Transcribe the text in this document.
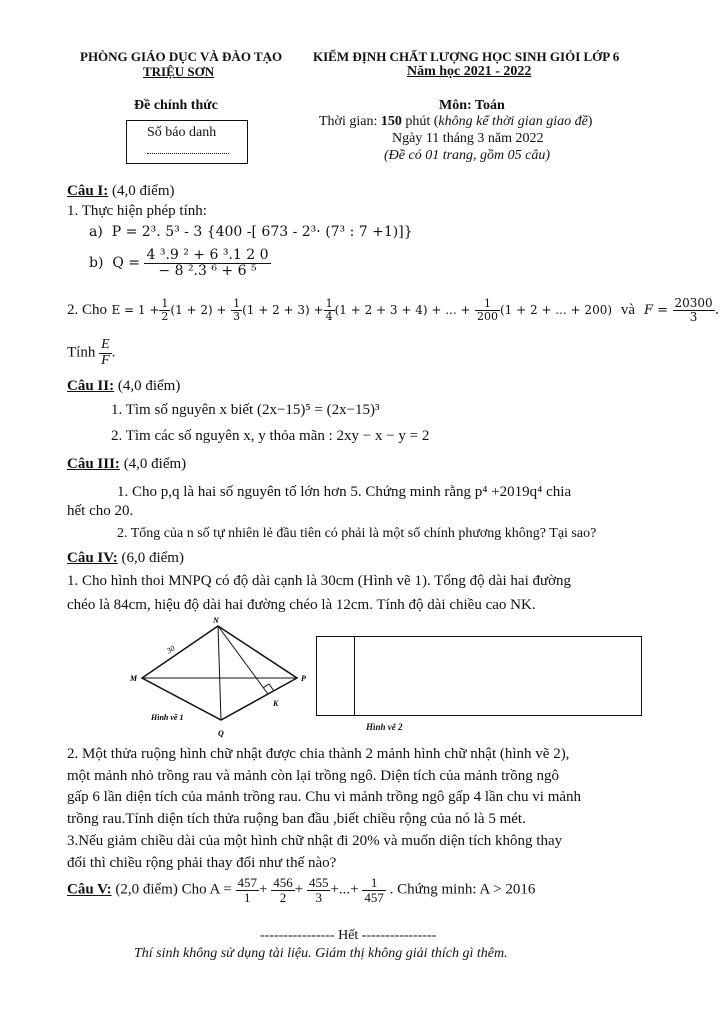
PHÒNG GIÁO DỤC VÀ ĐÀO TẠO
TRIỆU SƠN
KIỂM ĐỊNH CHẤT LƯỢNG HỌC SINH GIỎI LỚP 6
Năm học 2021 - 2022
Đề chính thức
Số báo danh
Môn: Toán
Thời gian: 150 phút (không kể thời gian giao đề)
Ngày 11 tháng 3 năm 2022
(Đề có 01 trang, gồm 05 câu)
Câu I: (4,0 điểm)
1. Thực hiện phép tính:
a) P = 2³. 5³ - 3 {400 -[ 673 - 2³· (7³ : 7 +1)]}
b) $Q = \frac{\text{4 ³.9 ² + 6 ³.1 2 0}}{\text{− 8 ².3 ⁶ + 6 ⁵}}$
2. Cho $E = 1 + \frac{1}{2} (1 + 2) + \frac{1}{3} (1 + 2 + 3) + \frac{1}{4} (1 + 2 + 3 + 4)$ + ... + $\frac{1}{200} (1 + 2$ + ... + 200) và $F = \frac{20300}{3}$ .
Tính $\frac{E}{F}$ .
Câu II: (4,0 điểm)
1. Tìm số nguyên x biết (2x−15)⁵ = (2x−15)³
2. Tìm các số nguyên x, y thỏa mãn : 2xy − x − y = 2
Câu III: (4,0 điểm)
1. Cho p,q là hai số nguyên tố lớn hơn 5. Chứng minh rằng p⁴ +2019q⁴ chia
hết cho 20.
2. Tổng của n số tự nhiên lẻ đầu tiên có phải là một số chính phương không? Tại sao?
Câu IV: (6,0 điểm)
1. Cho hình thoi MNPQ có độ dài cạnh là 30cm (Hình vẽ 1). Tổng độ dài hai đường
chéo là 84cm, hiệu độ dài hai đường chéo là 12cm. Tính độ dài chiều cao NK.
N
M	P
Q
K
30
Hình vẽ 1
Hình vẽ 2
2. Một thửa ruộng hình chữ nhật được chia thành 2 mảnh hình chữ nhật (hình vẽ 2),
một mảnh nhỏ trồng rau và mảnh còn lại trồng ngô. Diện tích của mảnh trồng ngô
gấp 6 lần diện tích của mảnh trồng rau. Chu vi mảnh trồng ngô gấp 4 lần chu vi mảnh
trồng rau.Tính diện tích thửa ruộng ban đầu ,biết chiều rộng của nó là 5 mét.
3.Nếu giảm chiều dài của một hình chữ nhật đi 20% và muốn diện tích không thay
đổi thì chiều rộng phải thay đổi như thế nào?
Câu V: (2,0 điểm) Cho $A = \frac{457}{1} + \frac{456}{2} + \frac{455}{3}$ +...+ $\frac{1}{457}$ . Chứng minh: A > 2016
---------------- Hết ----------------
Thí sinh không sử dụng tài liệu. Giám thị không giải thích gì thêm.
